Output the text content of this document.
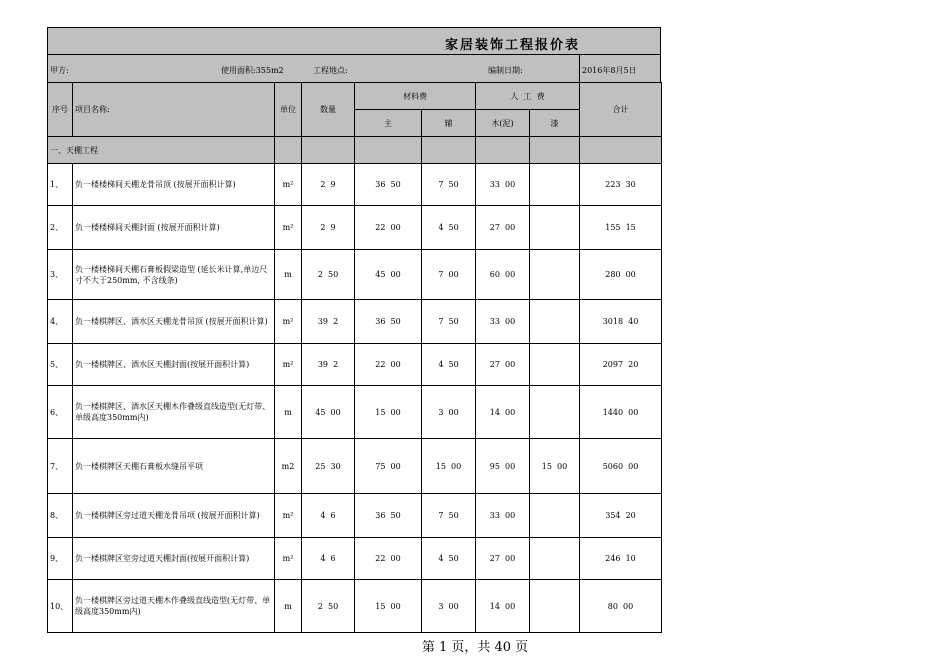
家居装饰工程报价表
甲方:	使用面积:355m2	工程地点:	编制日期:	2016年8月5日
序号	项目名称:	单位	数量	材料费		人  工  费		合计
				主	辅	木(泥)	漆	
一、天棚工程								
1、	负一楼楼梯间天棚龙骨吊顶 (按展开面积计算)	m²	2  9	36  50	7  50	33  00		223  30
2、	负一楼楼梯间天棚封面 (按展开面积计算)	m²	2  9	22  00	4  50	27  00		155  15
3、	负一楼楼梯间天棚石膏板假梁造型 (延长米计算,单边尺寸不大于250mm, 不含线条)	m	2  50	45  00	7  00	60  00		280  00
4、	负一楼棋牌区、酒水区天棚龙骨吊顶 (按展开面积计算)	m²	39  2	36  50	7  50	33  00		3018  40
5、	负一楼棋牌区、酒水区天棚封面(按展开面积计算)	m²	39  2	22  00	4  50	27  00		2097  20
6、	负一楼棋牌区、酒水区天棚木作叠级直线造型(无灯带、单级高度350mm内)	m	45  00	15  00	3  00	14  00		1440  00
7、	负一楼棋牌区天棚石膏板水缝吊平项	m2	25  30	75  00	15  00	95  00	15  00	5060  00
8、	负一楼棋牌区旁过道天棚龙骨吊项 (按展开面积计算)	m²	4  6	36  50	7  50	33  00		354  20
9、	负一楼棋牌区室旁过道天棚封面(按展开面积计算)	m²	4  6	22  00	4  50	27  00		246  10
10、	负一楼棋牌区旁过道天棚木作叠级直线造型(无灯带、单级高度350mm内)	m	2  50	15  00	3  00	14  00		80  00
第 1 页，共 40 页
